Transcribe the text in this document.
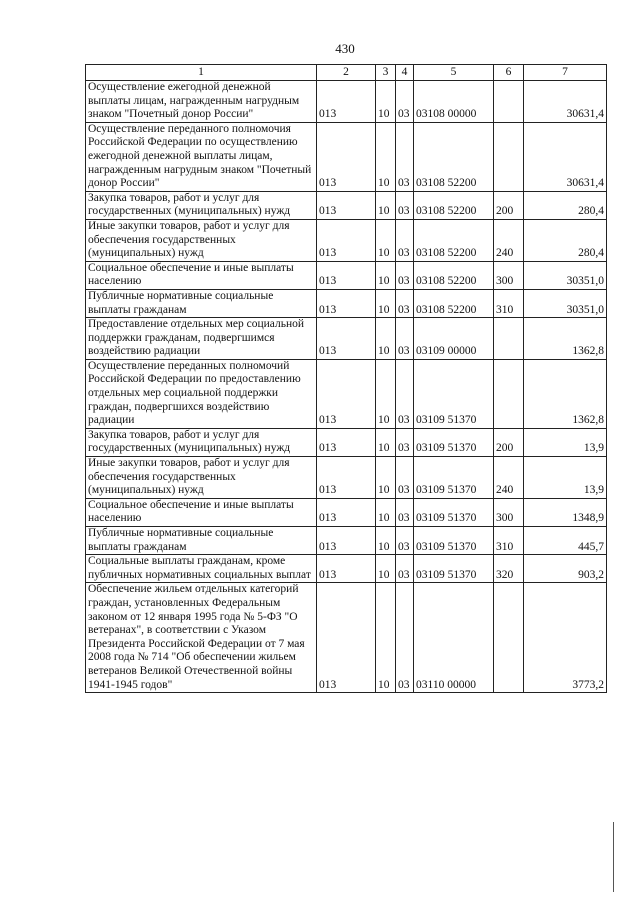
430
1	2	3	4	5	6	7
Осуществление ежегодной денежной выплаты лицам, награжденным нагрудным знаком "Почетный донор России"	013	10	03	03108 00000		30631,4
Осуществление переданного полномочия Российской Федерации по осуществлению ежегодной денежной выплаты лицам, награжденным нагрудным знаком "Почетный донор России"	013	10	03	03108 52200		30631,4
Закупка товаров, работ и услуг для государственных (муниципальных) нужд	013	10	03	03108 52200	200	280,4
Иные закупки товаров, работ и услуг для обеспечения государственных (муниципальных) нужд	013	10	03	03108 52200	240	280,4
Социальное обеспечение и иные выплаты населению	013	10	03	03108 52200	300	30351,0
Публичные нормативные социальные выплаты гражданам	013	10	03	03108 52200	310	30351,0
Предоставление отдельных мер социальной поддержки гражданам, подвергшимся воздействию радиации	013	10	03	03109 00000		1362,8
Осуществление переданных полномочий Российской Федерации по предоставлению отдельных мер социальной поддержки граждан, подвергшихся воздействию радиации	013	10	03	03109 51370		1362,8
Закупка товаров, работ и услуг для государственных (муниципальных) нужд	013	10	03	03109 51370	200	13,9
Иные закупки товаров, работ и услуг для обеспечения государственных (муниципальных) нужд	013	10	03	03109 51370	240	13,9
Социальное обеспечение и иные выплаты населению	013	10	03	03109 51370	300	1348,9
Публичные нормативные социальные выплаты гражданам	013	10	03	03109 51370	310	445,7
Социальные выплаты гражданам, кроме публичных нормативных социальных выплат	013	10	03	03109 51370	320	903,2
Обеспечение жильем отдельных категорий граждан, установленных Федеральным законом от 12 января 1995 года № 5-ФЗ "О ветеранах", в соответствии с Указом Президента Российской Федерации от 7 мая 2008 года № 714 "Об обеспечении жильем ветеранов Великой Отечественной войны 1941-1945 годов"	013	10	03	03110 00000		3773,2
